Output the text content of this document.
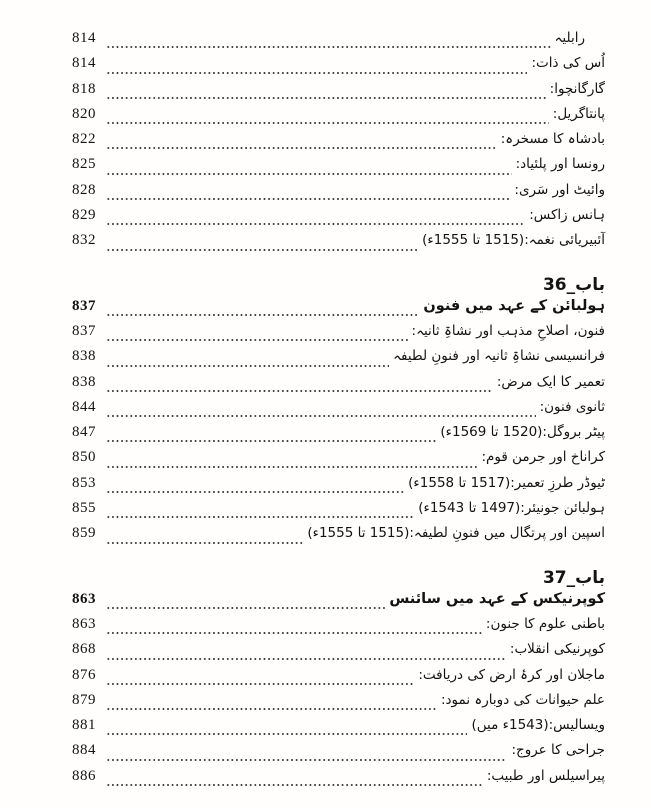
814	رابلیہ
814	اُس کی ذات:
818	گارگانچوا:
820	پانتاگریل:
822	بادشاہ کا مسخرہ:
825	رونسا اور پلئیاد:
828	وائیٹ اور سَری:
829	ہانس زاکس:
832	آئبیریائی نغمہ:(1515 تا 1555ء)
باب_36
837	ہولبائن کے عہد میں فنون
837	فنون، اصلاحِ مذہب اور نشاۃِ ثانیہ:
838	فرانسیسی نشاۃِ ثانیہ اور فنونِ لطیفہ
838	تعمیر کا ایک مرض:
844	ثانوی فنون:
847	پیٹر بروگل:(1520 تا 1569ء)
850	کراناخ اور جرمن قوم:
853	ٹیوڈر طرزِ تعمیر:(1517 تا 1558ء)
855	ہولبائن جونیئر:(1497 تا 1543ء)
859	اسپین اور پرتگال میں فنونِ لطیفہ:(1515 تا 1555ء)
باب_37
863	کوپرنیکس کے عہد میں سائنس
863	باطنی علوم کا جنون:
868	کوپرنیکی انقلاب:
876	ماجلان اور کرۂ ارض کی دریافت:
879	علم حیوانات کی دوبارہ نمود:
881	ویسالیس:(1543ء میں)
884	جراحی کا عروج:
886	پیراسیلس اور طبیب:
